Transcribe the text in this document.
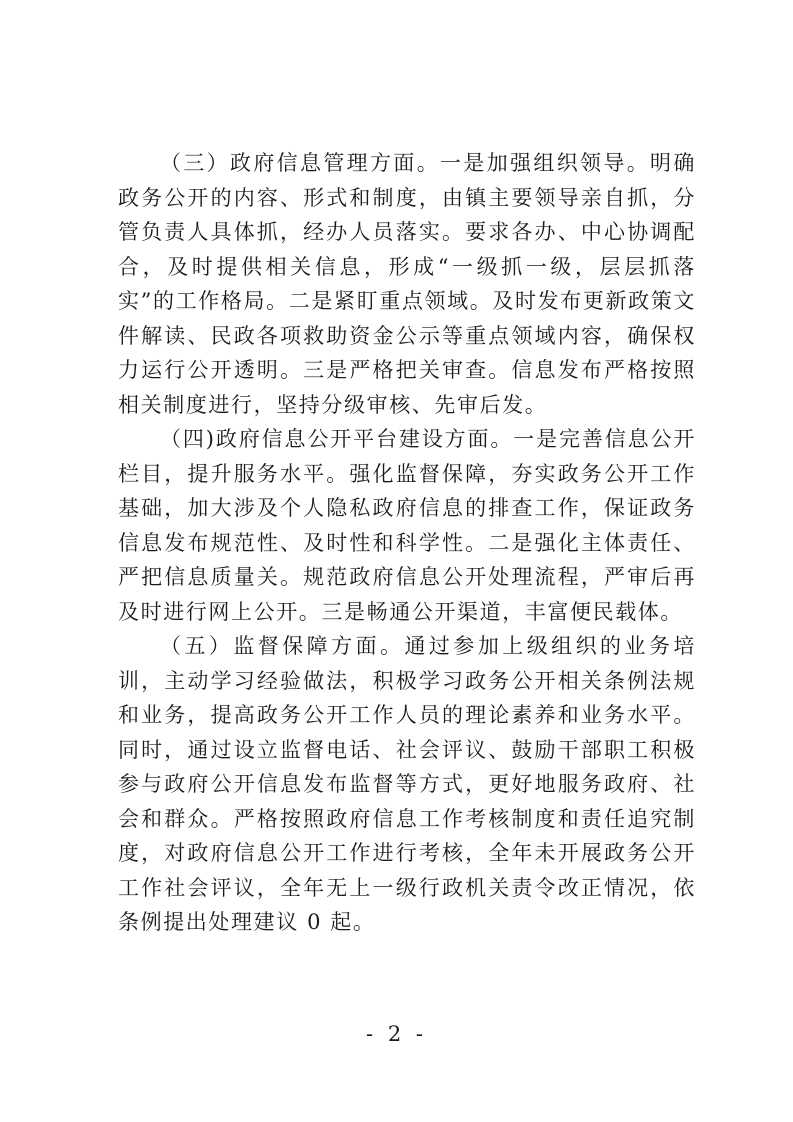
（三）政府信息管理方面。一是加强组织领导。明确政务公开的内容、形式和制度，由镇主要领导亲自抓，分管负责人具体抓，经办人员落实。要求各办、中心协调配合，及时提供相关信息，形成“一级抓一级，层层抓落实”的工作格局。二是紧盯重点领域。及时发布更新政策文件解读、民政各项救助资金公示等重点领域内容，确保权力运行公开透明。三是严格把关审查。信息发布严格按照相关制度进行，坚持分级审核、先审后发。

（四)政府信息公开平台建设方面。一是完善信息公开栏目，提升服务水平。强化监督保障，夯实政务公开工作基础，加大涉及个人隐私政府信息的排查工作，保证政务信息发布规范性、及时性和科学性。二是强化主体责任、严把信息质量关。规范政府信息公开处理流程，严审后再及时进行网上公开。三是畅通公开渠道，丰富便民载体。

（五）监督保障方面。通过参加上级组织的业务培训，主动学习经验做法，积极学习政务公开相关条例法规和业务，提高政务公开工作人员的理论素养和业务水平。同时，通过设立监督电话、社会评议、鼓励干部职工积极参与政府公开信息发布监督等方式，更好地服务政府、社会和群众。严格按照政府信息工作考核制度和责任追究制度，对政府信息公开工作进行考核，全年未开展政务公开工作社会评议，全年无上一级行政机关责令改正情况，依条例提出处理建议 0 起。

- 2 -
